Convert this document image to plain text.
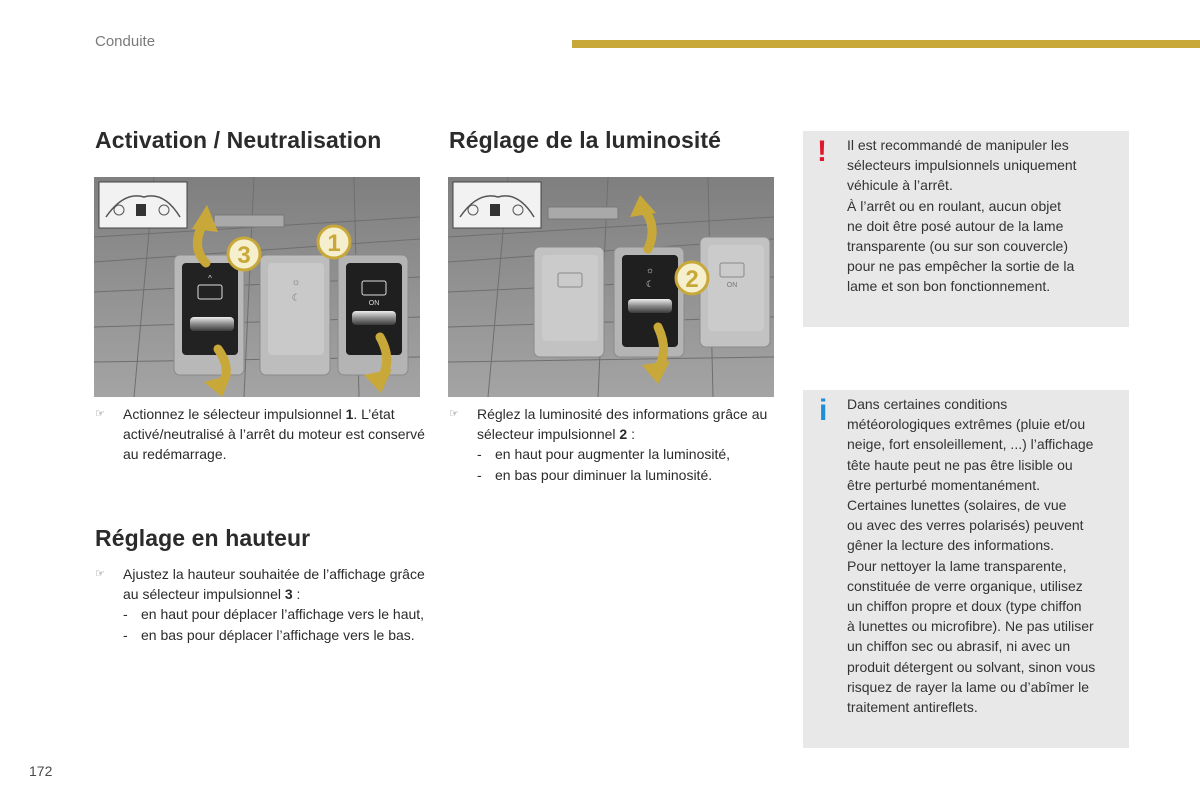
Conduite
Activation / Neutralisation
^	☼
☾	ON
3	1
☞ Actionnez le sélecteur impulsionnel 1. L’état activé/neutralisé à l’arrêt du moteur est conservé au redémarrage.
Réglage en hauteur
☞ Ajustez la hauteur souhaitée de l’affichage grâce au sélecteur impulsionnel 3 :
- en haut pour déplacer l’affichage vers le haut,
- en bas pour déplacer l’affichage vers le bas.
Réglage de la luminosité
☼
☾	ON
2
☞ Réglez la luminosité des informations grâce au sélecteur impulsionnel 2 :
- en haut pour augmenter la luminosité,
- en bas pour diminuer la luminosité.
! Il est recommandé de manipuler les
sélecteurs impulsionnels uniquement
véhicule à l’arrêt.
À l’arrêt ou en roulant, aucun objet
ne doit être posé autour de la lame
transparente (ou sur son couvercle)
pour ne pas empêcher la sortie de la
lame et son bon fonctionnement.
i Dans certaines conditions
météorologiques extrêmes (pluie et/ou
neige, fort ensoleillement, ...) l’affichage
tête haute peut ne pas être lisible ou
être perturbé momentanément.
Certaines lunettes (solaires, de vue
ou avec des verres polarisés) peuvent
gêner la lecture des informations.
Pour nettoyer la lame transparente,
constituée de verre organique, utilisez
un chiffon propre et doux (type chiffon
à lunettes ou microfibre). Ne pas utiliser
un chiffon sec ou abrasif, ni avec un
produit détergent ou solvant, sinon vous
risquez de rayer la lame ou d’abîmer le
traitement antireflets.
172
